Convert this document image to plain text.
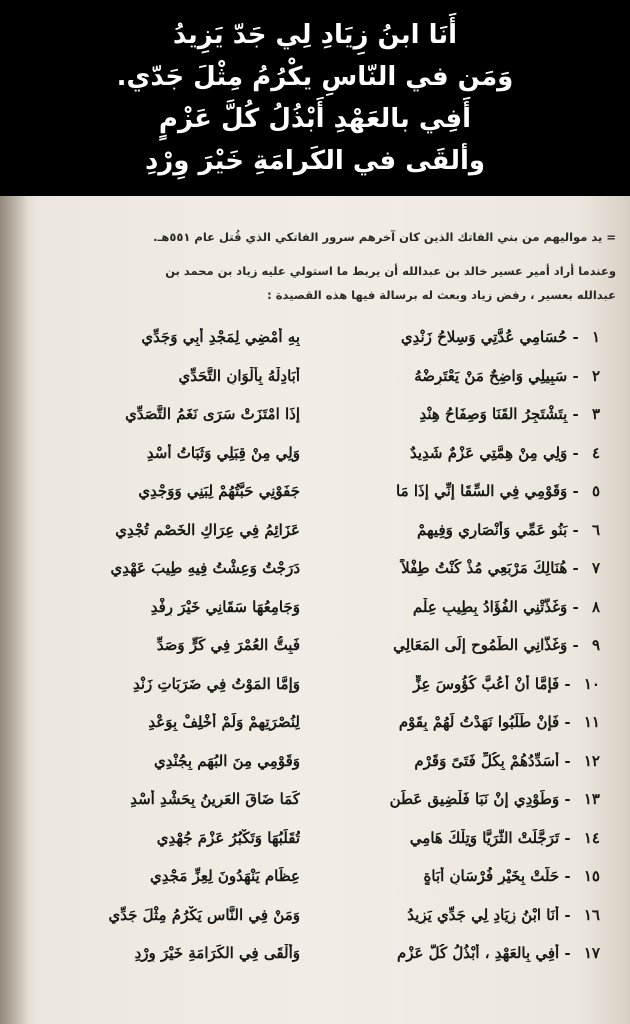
أَنَا ابنُ زِيَادِ لِي جَدّ يَزِيدُ
وَمَن في النّاسِ يكْرُمُ مِثْلَ جَدّي.
أَفِي بالعَهْدِ أَبْذُلُ كُلَّ عَزْمٍ
وألقَى في الكَرامَةِ خَيْرَ وِرْدِ
= يد مواليهم من بني الفاتك الذين كان آخرهم سرور الفاتكي الذي قُتل عام ٥٥١هـ.
وعندما أراد أمير عسير خالد بن عبدالله أن يربط ما استولي عليه زياد بن محمد بن
عبدالله بعسير ، رفض زياد وبعث له برسالة فيها هذه القصيدة :
١ - حُسَامِي عُدَّتِي وَسِلاحُ زَنْدِي
بِهِ أَمْضِي لِمَجْدِ أَبِي وَجَدِّي
٢ - سَبِيلِي وَاضِحٌ مَنْ يَعْتَرِضْهُ
أُبَادِلْهُ بِأَلْوَانِ التَّحَدِّي
٣ - بِتَشْتَجِرُ القَنَا وَصِفَاحُ هِنْدِ
إِذَا امْتَزَتْ سَرَى نَغَمُ التَّصَدِّي
٤ - وَلِي مِنْ هِمَّتِي عَزْمٌ شَدِيدٌ
وَلِي مِنْ قِبَلِي وَثَبَاتُ أَسْدِ
٥ - وَقَوْمِي فِي السِّقَا إِنِّي إِذَا مَا
جَفَوْنِي حَبَّتُهُمْ لِبَنِي وَوَجْدِي
٦ - بَنُو عَمِّي وَأَنْصَارِي وَفِيهِمْ
عَزَائِمُ فِي عِرَاكِ الخَصْمِ تُجْدِي
٧ - هُنَالِكَ مَرْبَعِي مُذْ كُنْتُ طِفْلاً
دَرَجْتُ وَعِشْتُ فِيهِ طِيبَ عَهْدِي
٨ - وَغَذَّتْنِي الفُؤَادُ بِطِيبِ عِلْمٍ
وَجَامِعُهَا سَقَانِي خَيْرَ رِفْدِ
٩ - وَغَذَّانِي الطُّمُوحِ إِلَى المَعَالِي
فَبِتُّ العُمْرَ فِي كَرٍّ وَصَدِّ
١٠ - فَإِمَّا أَنْ أَعُبَّ كُؤُوسَ عِزٍّ
وَإِمَّا المَوْتُ فِي ضَرَبَاتِ زَنْدِ
١١ - فَإِنْ طَلَبُوا نَهَدْتُ لَهُمْ بِقَوْمٍ
لِنُصْرَتِهِمْ وَلَمْ أُخْلِفْ بِوَعْدِ
١٢ - أُسَدِّدُهُمْ بِكُلِّ فَتَىً وَقَرْمٍ
وَقَوْمِي مِنَ البُهَمِ بِجُنْدِي
١٣ - وَطَوْدِي إِنْ نَبَا فَلْضِيقِ عَطَنٍ
كَمَا ضَاقَ العَرِينُ بِحَشْدِ أَسْدِ
١٤ - تَرَجَّلَتْ الثُّرَيَّا وَتِلْكَ هَامِي
تُقَلِّبُهَا وَتَكْبُرُ عَزْمَ جُهْدِي
١٥ - حَلَّتْ بِخَيْرِ فُرْسَانٍ أُبَاةٍ
عِظَامٍ يَنْهَدُونَ لِعِزِّ مَجْدِي
١٦ - أَنَا ابْنُ زِيَادِ لِي جَدِّي يَزِيدُ
وَمَنْ فِي النَّاسِ يَكْرُمُ مِثْلَ جَدِّي
١٧ - أَفِي بِالعَهْدِ ، أَبْذُلُ كُلَّ عَزْمٍ
وَأَلْقَى فِي الكَرَامَةِ خَيْرَ وِرْدِ
